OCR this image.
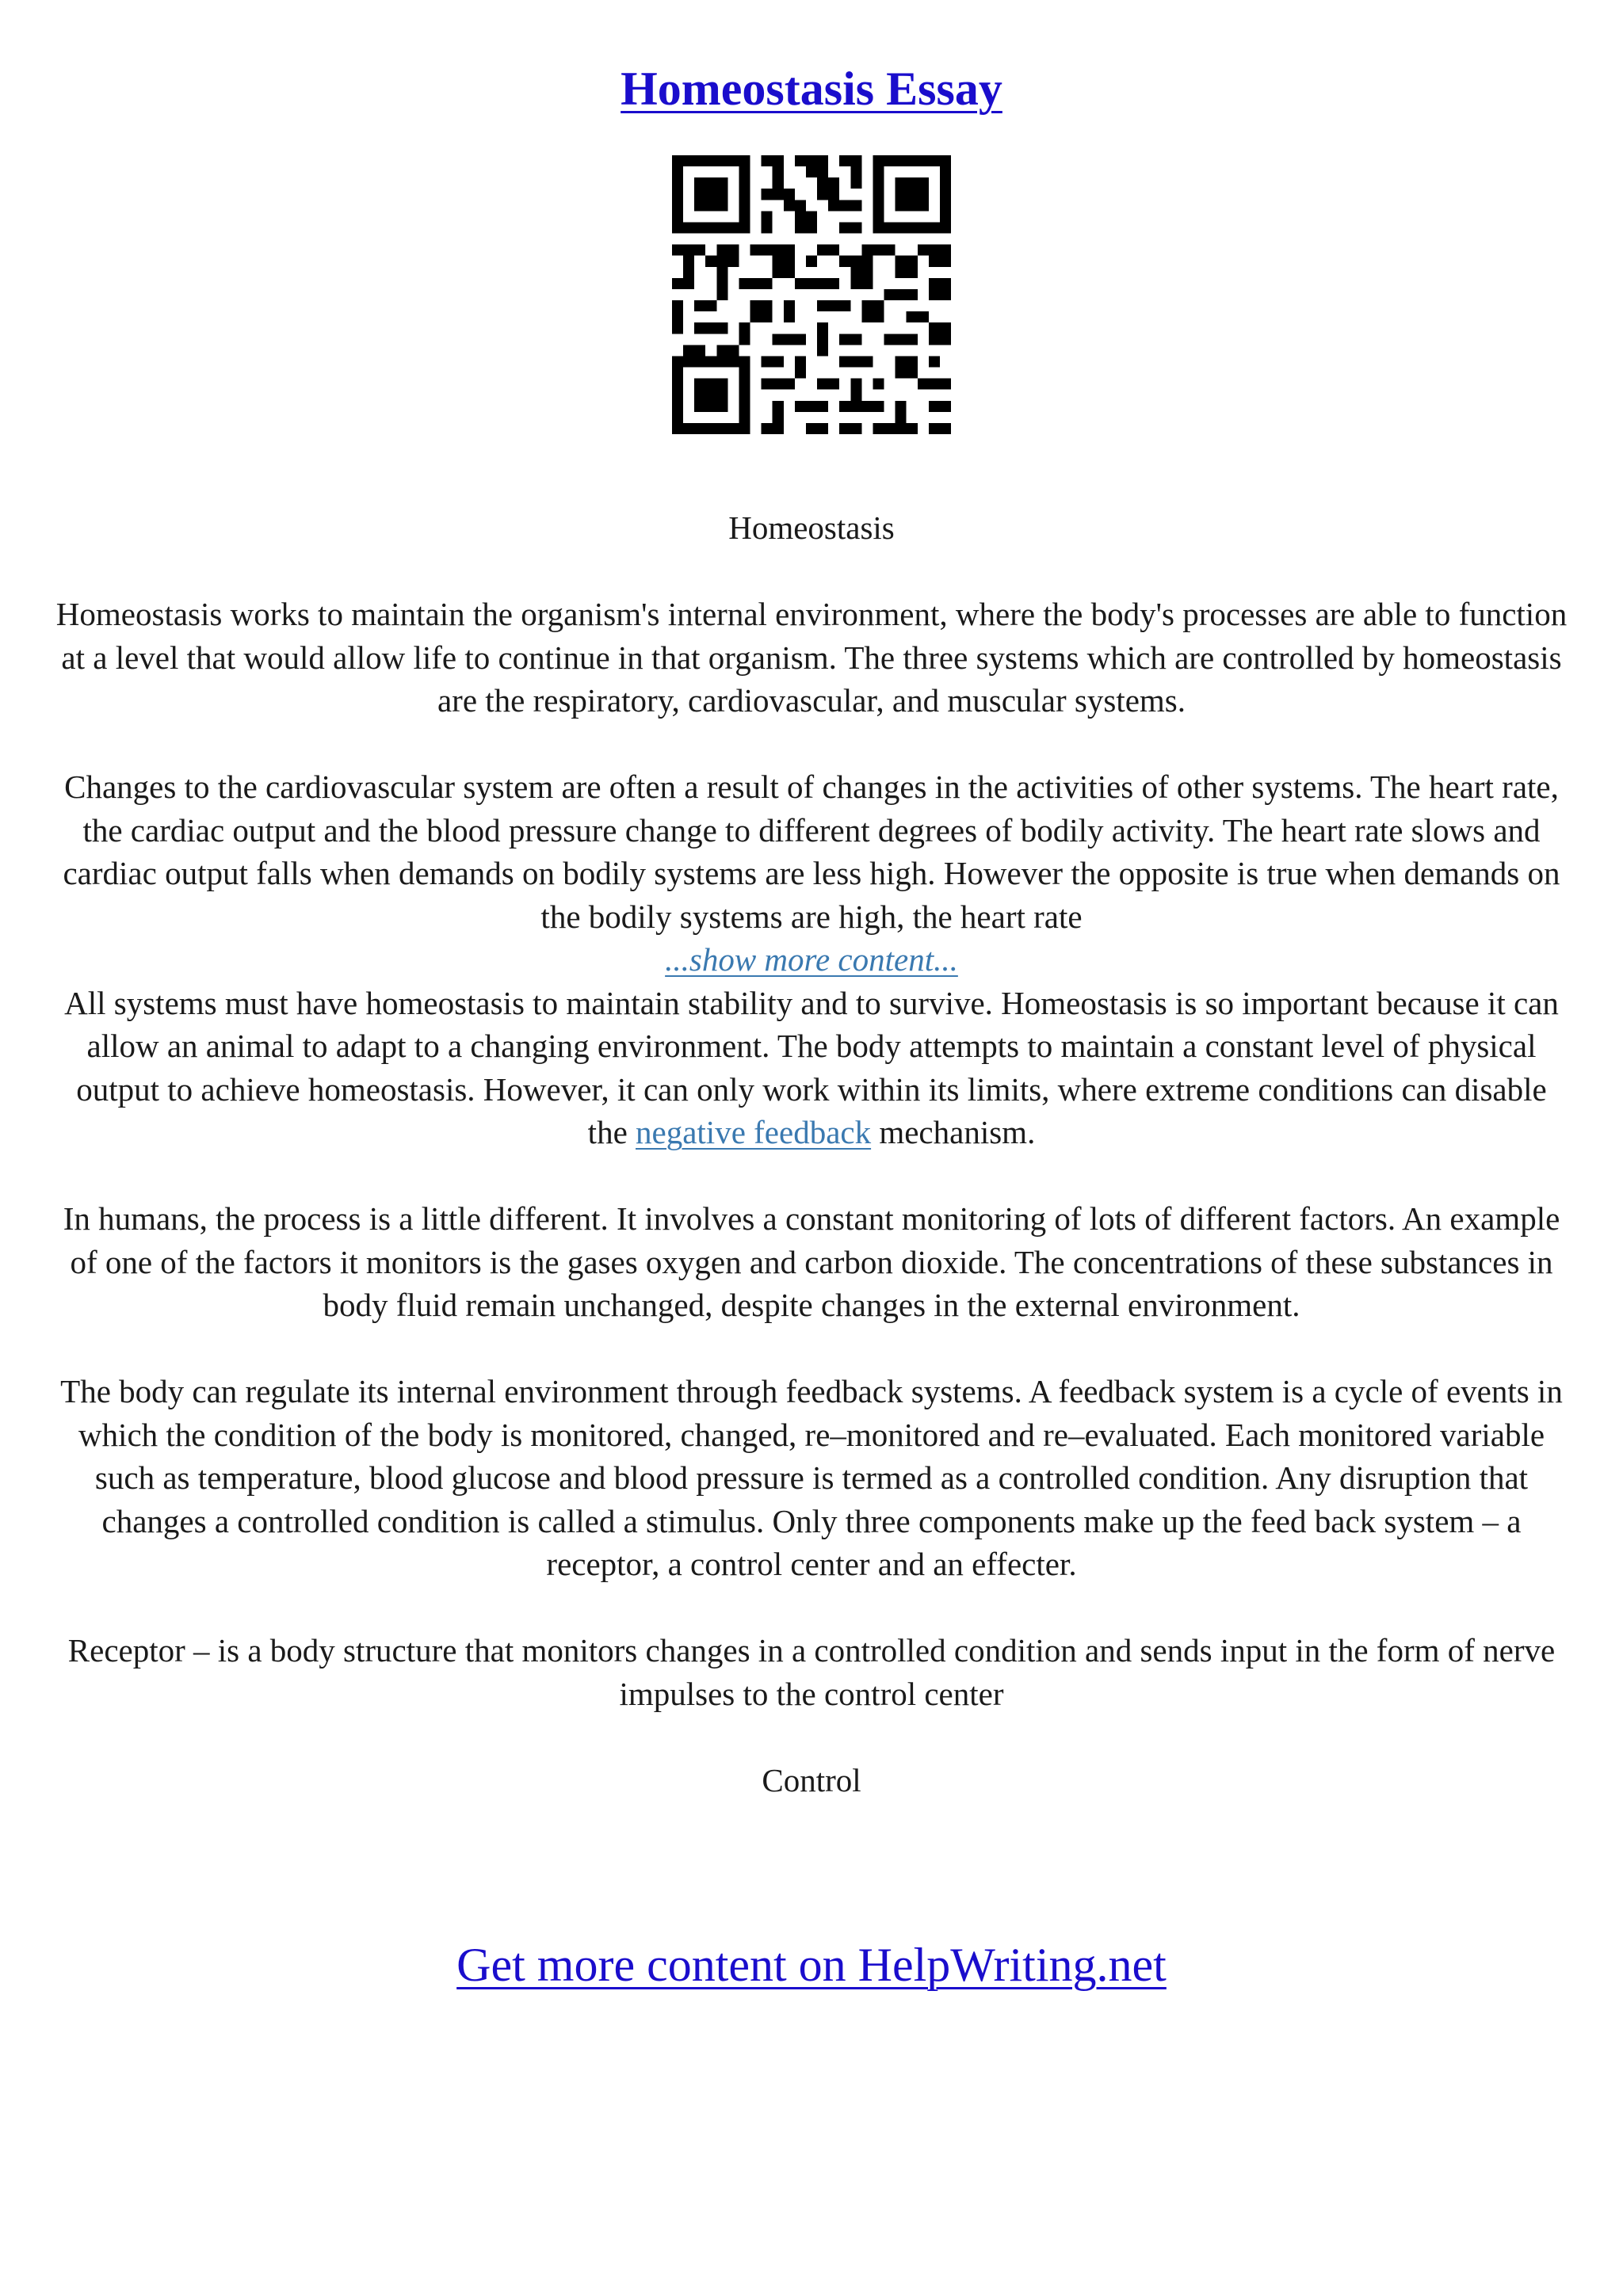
Homeostasis Essay

Homeostasis

Homeostasis works to maintain the organism's internal environment, where the body's processes are able to function at a level that would allow life to continue in that organism. The three systems which are controlled by homeostasis are the respiratory, cardiovascular, and muscular systems.

Changes to the cardiovascular system are often a result of changes in the activities of other systems. The heart rate, the cardiac output and the blood pressure change to different degrees of bodily activity. The heart rate slows and cardiac output falls when demands on bodily systems are less high. However the opposite is true when demands on the bodily systems are high, the heart rate

...show more content...

All systems must have homeostasis to maintain stability and to survive. Homeostasis is so important because it can allow an animal to adapt to a changing environment. The body attempts to maintain a constant level of physical output to achieve homeostasis. However, it can only work within its limits, where extreme conditions can disable the negative feedback mechanism.

In humans, the process is a little different. It involves a constant monitoring of lots of different factors. An example of one of the factors it monitors is the gases oxygen and carbon dioxide. The concentrations of these substances in body fluid remain unchanged, despite changes in the external environment.

The body can regulate its internal environment through feedback systems. A feedback system is a cycle of events in which the condition of the body is monitored, changed, re–monitored and re–evaluated. Each monitored variable such as temperature, blood glucose and blood pressure is termed as a controlled condition. Any disruption that changes a controlled condition is called a stimulus. Only three components make up the feed back system – a receptor, a control center and an effecter.

Receptor – is a body structure that monitors changes in a controlled condition and sends input in the form of nerve impulses to the control center

Control

Get more content on HelpWriting.net
